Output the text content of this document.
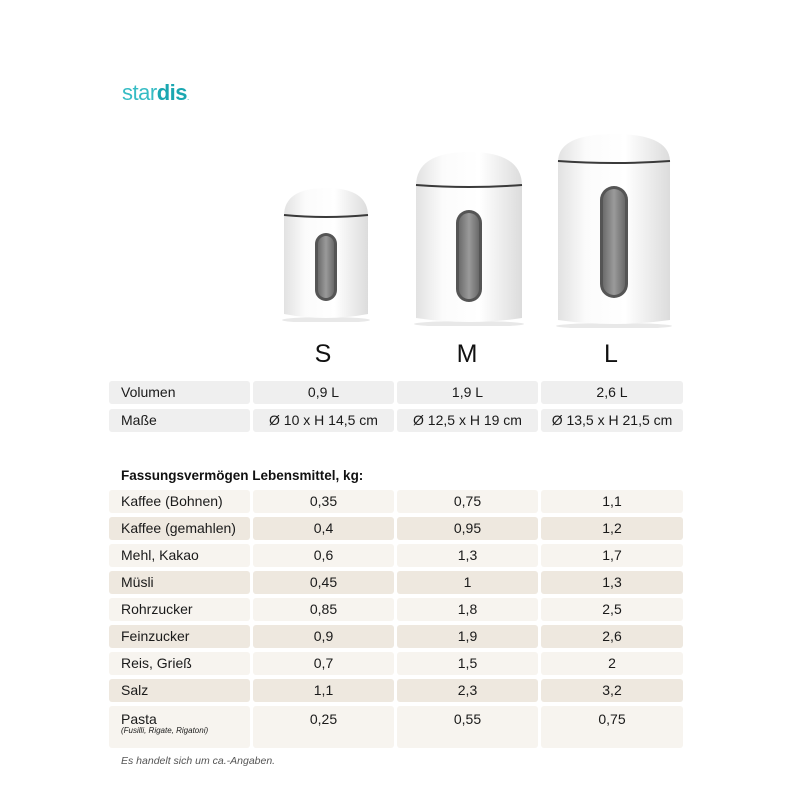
stardis.
S	M	L
Volumen	0,9 L	1,9 L	2,6 L
Maße	Ø 10 x H 14,5 cm	Ø 12,5 x H 19 cm	Ø 13,5 x H 21,5 cm
Fassungsvermögen Lebensmittel, kg:
Kaffee (Bohnen)	0,35	0,75	1,1
Kaffee (gemahlen)	0,4	0,95	1,2
Mehl, Kakao	0,6	1,3	1,7
Müsli	0,45	1	1,3
Rohrzucker	0,85	1,8	2,5
Feinzucker	0,9	1,9	2,6
Reis, Grieß	0,7	1,5	2
Salz	1,1	2,3	3,2
Pasta
(Fusilli, Rigate, Rigatoni)
0,25	0,55	0,75
Es handelt sich um ca.-Angaben.
